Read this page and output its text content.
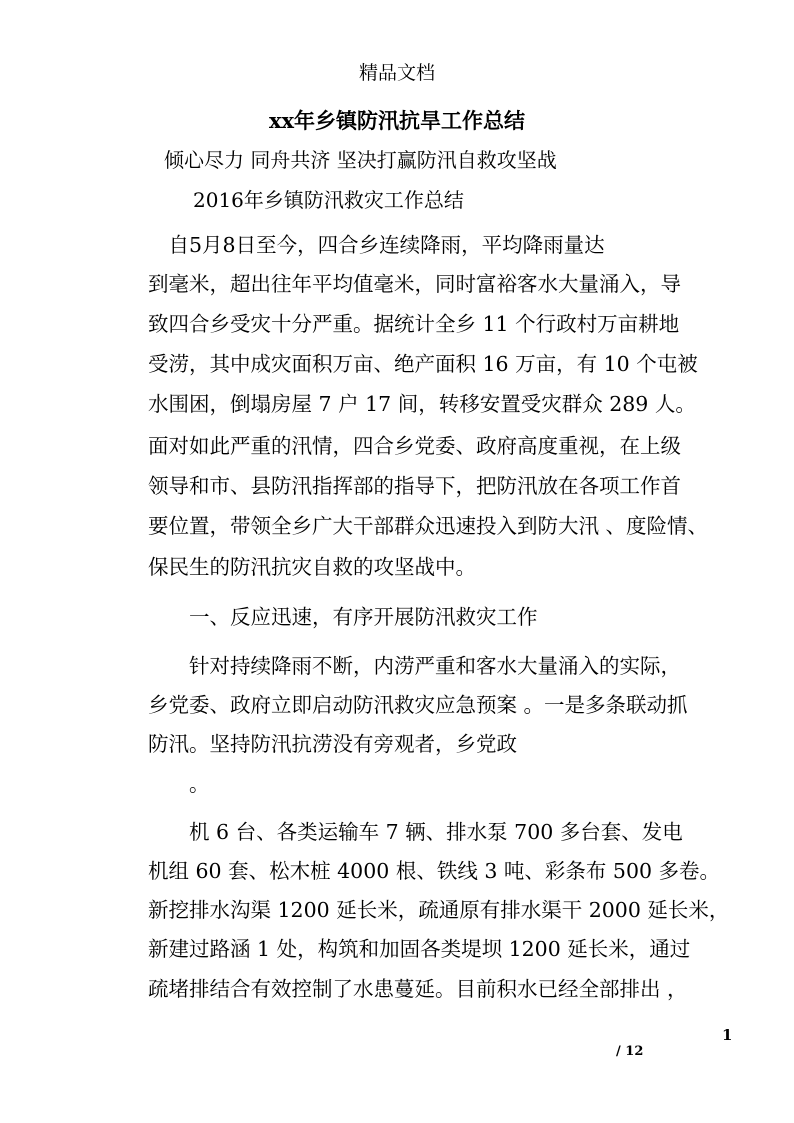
精品文档
xx年乡镇防汛抗旱工作总结
倾心尽力 同舟共济 坚决打赢防汛自救攻坚战
2016年乡镇防汛救灾工作总结
　自5月8日至今，四合乡连续降雨，平均降雨量达
到毫米，超出往年平均值毫米，同时富裕客水大量涌入，导
致四合乡受灾十分严重。据统计全乡 11 个行政村万亩耕地
受涝，其中成灾面积万亩、绝产面积 16 万亩，有 10 个屯被
水围困，倒塌房屋 7 户 17 间，转移安置受灾群众 289 人。
面对如此严重的汛情，四合乡党委、政府高度重视，在上级
领导和市、县防汛指挥部的指导下，把防汛放在各项工作首
要位置，带领全乡广大干部群众迅速投入到防大汛 、度险情、
保民生的防汛抗灾自救的攻坚战中。
　　一、反应迅速，有序开展防汛救灾工作
　　针对持续降雨不断，内涝严重和客水大量涌入的实际，
乡党委、政府立即启动防汛救灾应急预案 。一是多条联动抓
防汛。坚持防汛抗涝没有旁观者，乡党政
　　。
　　机 6 台、各类运输车 7 辆、排水泵 700 多台套、发电
机组 60 套、松木桩 4000 根、铁线 3 吨、彩条布 500 多卷。
新挖排水沟渠 1200 延长米，疏通原有排水渠干 2000 延长米，
新建过路涵 1 处，构筑和加固各类堤坝 1200 延长米，通过
疏堵排结合有效控制了水患蔓延。目前积水已经全部排出 ，
1
/ 12
